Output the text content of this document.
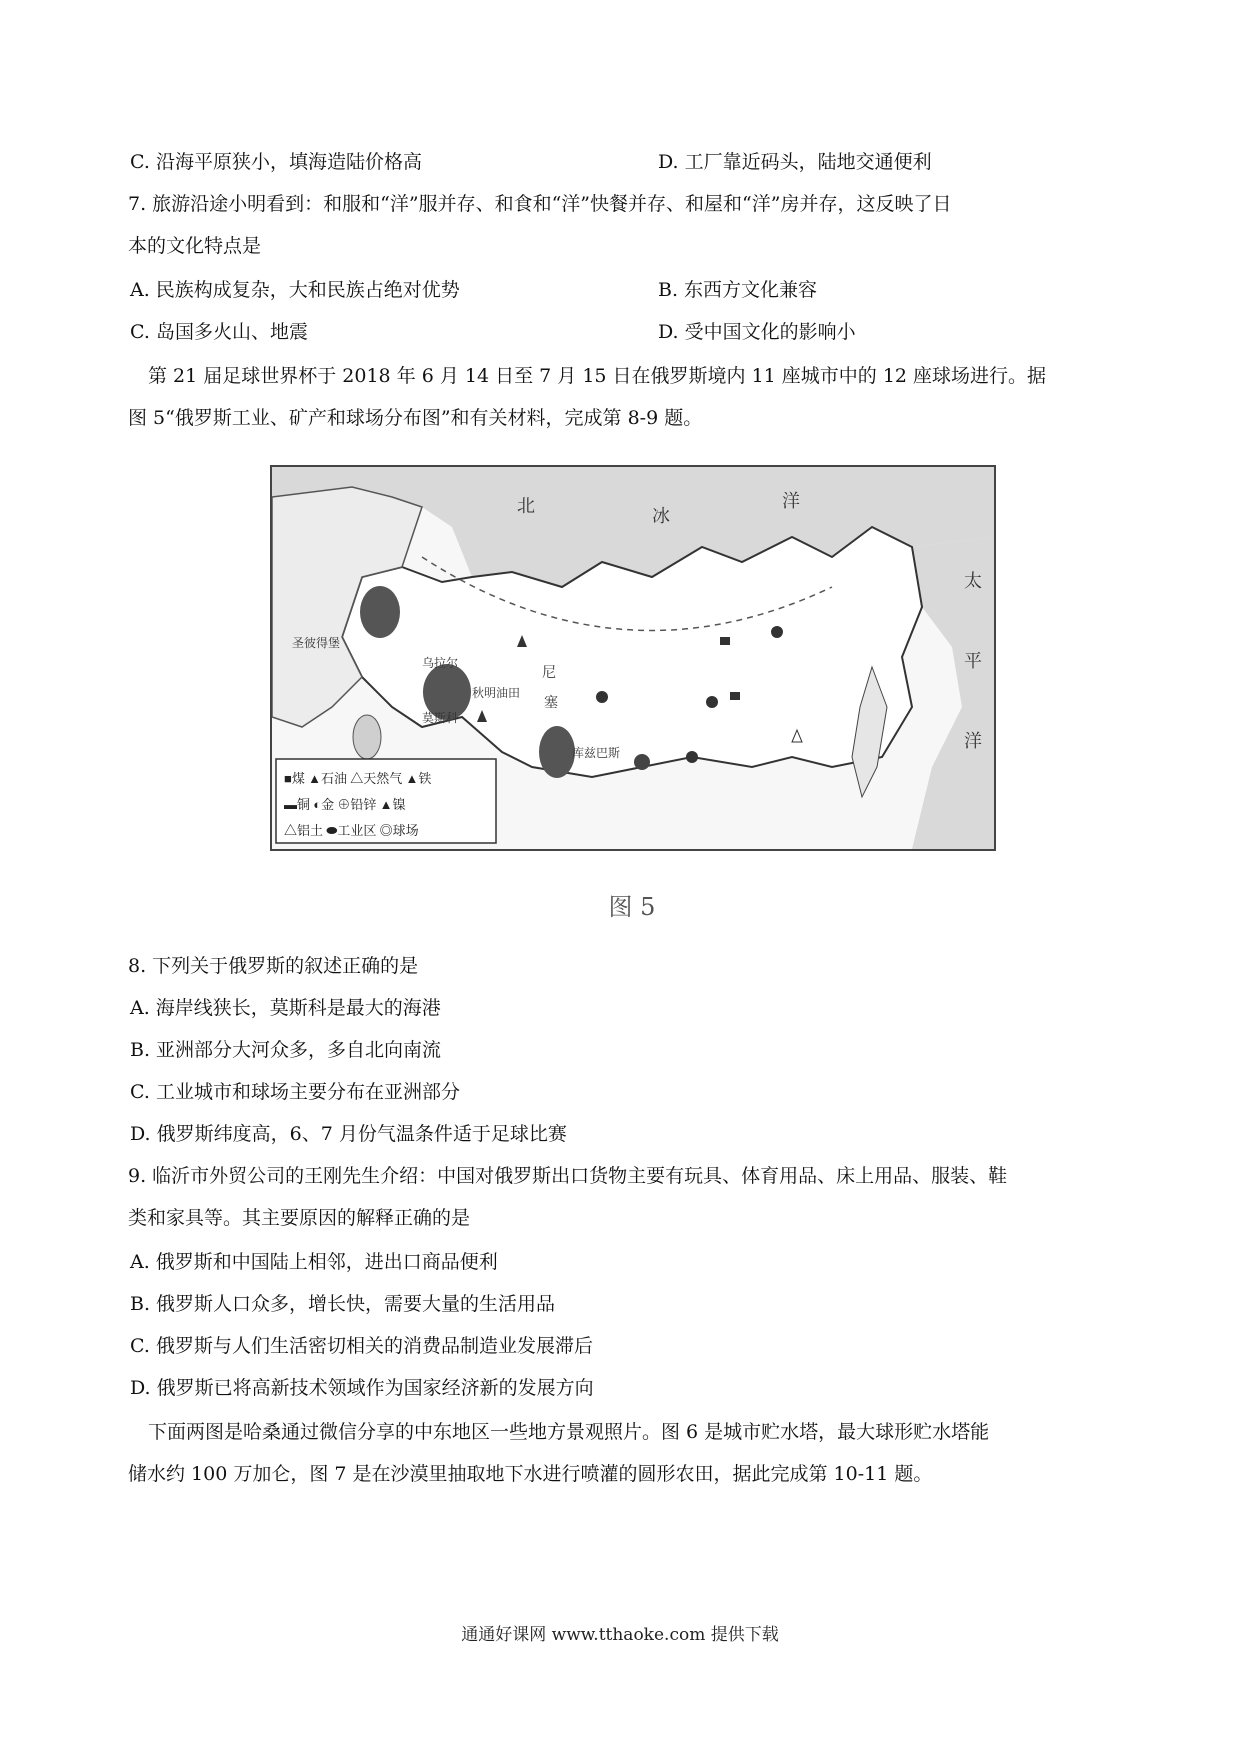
C. 沿海平原狭小，填海造陆价格高	D. 工厂靠近码头，陆地交通便利
7. 旅游沿途小明看到：和服和“洋”服并存、和食和“洋”快餐并存、和屋和“洋”房并存，这反映了日
本的文化特点是
A. 民族构成复杂，大和民族占绝对优势	B. 东西方文化兼容
C. 岛国多火山、地震	D. 受中国文化的影响小
第 21 届足球世界杯于 2018 年 6 月 14 日至 7 月 15 日在俄罗斯境内 11 座城市中的 12 座球场进行。据
图 5“俄罗斯工业、矿产和球场分布图”和有关材料，完成第 8-9 题。
北	冰
洋
太
平
洋
尼
塞
库兹巴斯
圣彼得堡
莫斯科
乌拉尔
秋明油田
■煤 ▲石油 △天然气 ▲铁
▬铜 ◐金 ⊕铅锌 ▲镍
△铝土 ⬬工业区 ◎球场
图 5
8. 下列关于俄罗斯的叙述正确的是
A. 海岸线狭长，莫斯科是最大的海港
B. 亚洲部分大河众多，多自北向南流
C. 工业城市和球场主要分布在亚洲部分
D. 俄罗斯纬度高，6、7 月份气温条件适于足球比赛
9. 临沂市外贸公司的王刚先生介绍：中国对俄罗斯出口货物主要有玩具、体育用品、床上用品、服装、鞋
类和家具等。其主要原因的解释正确的是
A. 俄罗斯和中国陆上相邻，进出口商品便利
B. 俄罗斯人口众多，增长快，需要大量的生活用品
C. 俄罗斯与人们生活密切相关的消费品制造业发展滞后
D. 俄罗斯已将高新技术领域作为国家经济新的发展方向
下面两图是哈桑通过微信分享的中东地区一些地方景观照片。图 6 是城市贮水塔，最大球形贮水塔能
储水约 100 万加仑，图 7 是在沙漠里抽取地下水进行喷灌的圆形农田，据此完成第 10-11 题。
通通好课网 www.tthaoke.com 提供下载
